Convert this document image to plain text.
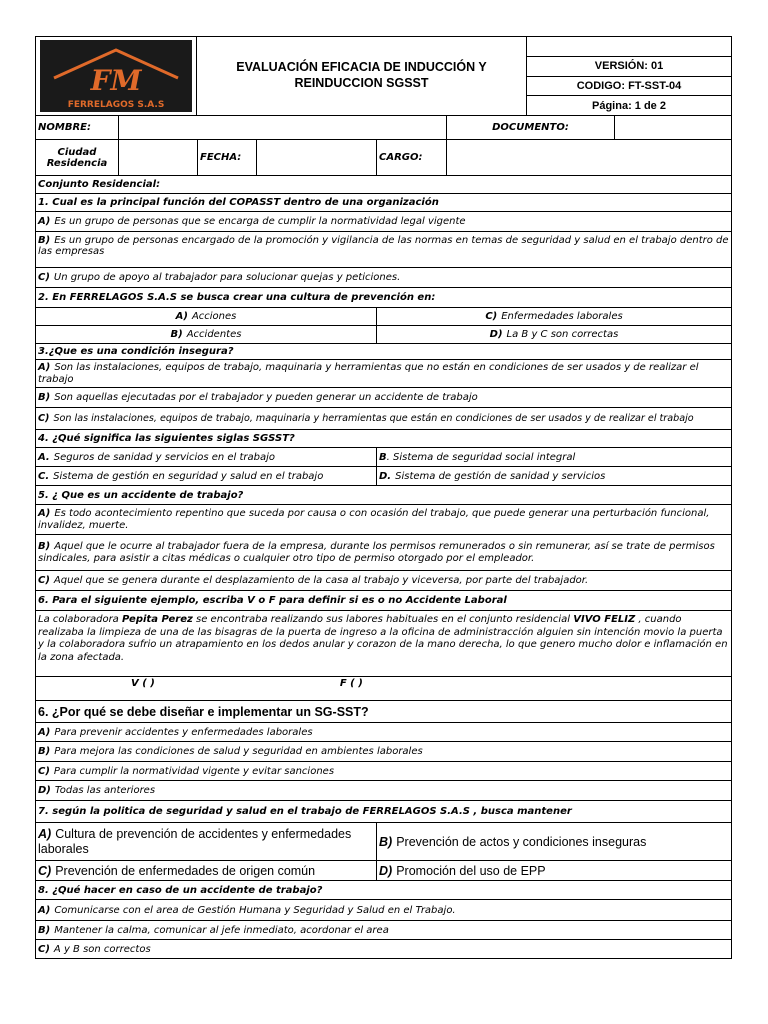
FM
FERRELAGOS S.A.S
EVALUACIÓN EFICACIA DE INDUCCIÓN Y
REINDUCCION SGSST
VERSIÓN: 01
CODIGO: FT-SST-04
Página: 1 de 2
NOMBRE:	DOCUMENTO:
Ciudad Residencia	FECHA:	CARGO:
Conjunto Residencial:
1. Cual es la principal función del COPASST dentro de una organización
A) Es un grupo de personas que se encarga de cumplir la normatividad legal vigente
B) Es un grupo de personas encargado de la promoción y vigilancia de las normas en temas de seguridad y salud en el trabajo dentro de las empresas
C) Un grupo de apoyo al trabajador para solucionar quejas y peticiones.
2. En FERRELAGOS S.A.S se busca crear una cultura de prevención en:
A) Acciones	C) Enfermedades laborales
B) Accidentes	D) La B y C son correctas
3.¿Que es una condición insegura?
A) Son las instalaciones, equipos de trabajo, maquinaria y herramientas que no están en condiciones de ser usados y de realizar el trabajo
B) Son aquellas ejecutadas por el trabajador y pueden generar un accidente de trabajo
C) Son las instalaciones, equipos de trabajo, maquinaria y herramientas que están en condiciones de ser usados y de realizar el trabajo
4. ¿Qué significa las siguientes siglas SGSST?
A. Seguros de sanidad y servicios en el trabajo	B . Sistema de seguridad social integral
C. Sistema de gestión en seguridad y salud en el trabajo	D. Sistema de gestión de sanidad y servicios
5. ¿ Que es un accidente de trabajo?
A) Es todo acontecimiento repentino que suceda por causa o con ocasión del trabajo, que puede generar una perturbación funcional, invalidez, muerte.
B) Aquel que le ocurre al trabajador fuera de la empresa, durante los permisos remunerados o sin remunerar, así se trate de permisos sindicales, para asistir a citas médicas o cualquier otro tipo de permiso otorgado por el empleador.
C) Aquel que se genera durante el desplazamiento de la casa al trabajo y viceversa, por parte del trabajador.
6. Para el siguiente ejemplo, escriba V o F para definir si es o no Accidente Laboral
La colaboradora Pepita Perez se encontraba realizando sus labores habituales en el conjunto residencial VIVO FELIZ , cuando realizaba la limpieza de una de las bisagras de la puerta de ingreso a la oficina de administracción alguien sin intención movio la puerta y la colaboradora sufrio un atrapamiento en los dedos anular y corazon de la mano derecha, lo que genero mucho dolor e inflamación en la zona afectada.
V ( )	F ( )
6. ¿Por qué se debe diseñar e implementar un SG-SST?
A) Para prevenir accidentes y enfermedades laborales
B) Para mejora las condiciones de salud y seguridad en ambientes laborales
C) Para cumplir la normatividad vigente y evitar sanciones
D) Todas las anteriores
7. según la politica de seguridad y salud en el trabajo de FERRELAGOS S.A.S , busca mantener
A) Cultura de prevención de accidentes y enfermedades laborales	B) Prevención de actos y condiciones inseguras
C) Prevención de enfermedades de origen común	D) Promoción del uso de EPP
8. ¿Qué hacer en caso de un accidente de trabajo?
A) Comunicarse con el area de Gestión Humana y Seguridad y Salud en el Trabajo.
B) Mantener la calma, comunicar al jefe inmediato, acordonar el area
C) A y B son correctos
